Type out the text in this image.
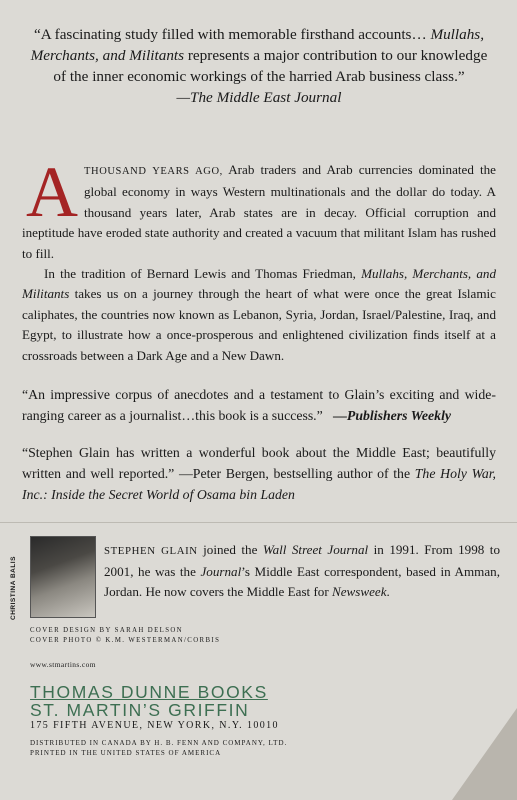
“A fascinating study filled with memorable firsthand accounts… Mullahs, Merchants, and Militants represents a major contribution to our knowledge of the inner economic workings of the harried Arab business class.”
—The Middle East Journal

ATHOUSAND YEARS AGO, Arab traders and Arab currencies dominated the global economy in ways Western multinationals and the dollar do today. A thousand years later, Arab states are in decay. Official corruption and ineptitude have eroded state authority and created a vacuum that militant Islam has rushed to fill.

In the tradition of Bernard Lewis and Thomas Friedman, Mullahs, Merchants, and Militants takes us on a journey through the heart of what were once the great Islamic caliphates, the countries now known as Lebanon, Syria, Jordan, Israel/Palestine, Iraq, and Egypt, to illustrate how a once-prosperous and enlightened civilization finds itself at a crossroads between a Dark Age and a New Dawn.

“An impressive corpus of anecdotes and a testament to Glain’s exciting and wide-ranging career as a journalist…this book is a success.” —Publishers Weekly
“Stephen Glain has written a wonderful book about the Middle East; beautifully written and well reported.” —Peter Bergen, bestselling author of the The Holy War, Inc.: Inside the Secret World of Osama bin Laden
CHRISTINA BALIS
STEPHEN GLAIN joined the Wall Street Journal in 1991. From 1998 to 2001, he was the Journal’s Middle East correspondent, based in Amman, Jordan. He now covers the Middle East for Newsweek.
COVER DESIGN BY SARAH DELSON
COVER PHOTO © K.M. WESTERMAN/CORBIS
www.stmartins.com
THOMAS DUNNE BOOKS
ST. MARTIN’S GRIFFIN
175 FIFTH AVENUE, NEW YORK, N.Y. 10010
DISTRIBUTED IN CANADA BY H. B. FENN AND COMPANY, LTD.
PRINTED IN THE UNITED STATES OF AMERICA
